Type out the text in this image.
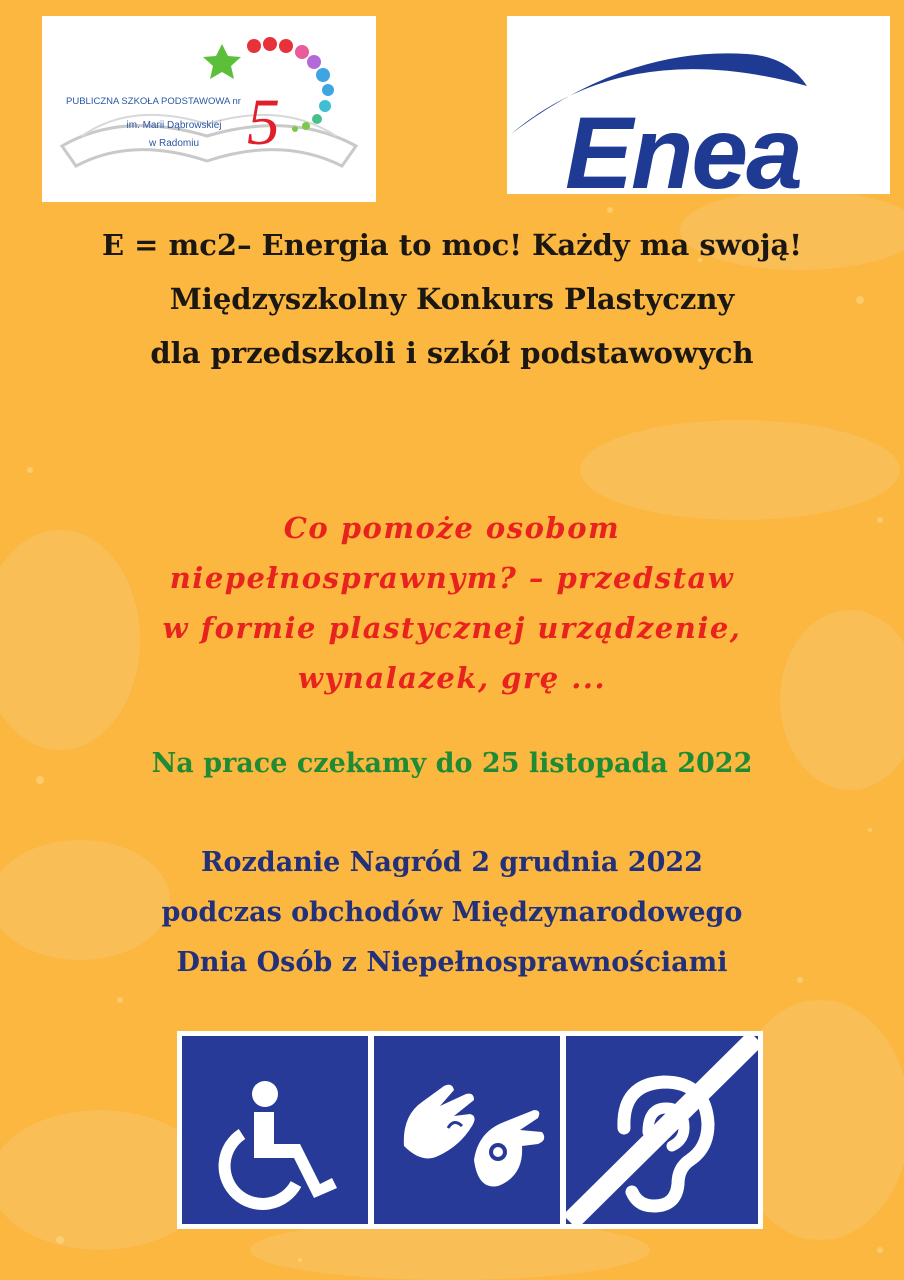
PUBLICZNA SZKOŁA PODSTAWOWA nr 5
im. Marii Dąbrowskiej
w Radomiu	Enea
E = mc2– Energia to moc! Każdy ma swoją!
Międzyszkolny Konkurs Plastyczny
dla przedszkoli i szkół podstawowych
Co pomoże osobom
niepełnosprawnym? – przedstaw
w formie plastycznej urządzenie,
wynalazek, grę ...
Na prace czekamy do 25 listopada 2022
Rozdanie Nagród 2 grudnia 2022
podczas obchodów Międzynarodowego
Dnia Osób z Niepełnosprawnościami
